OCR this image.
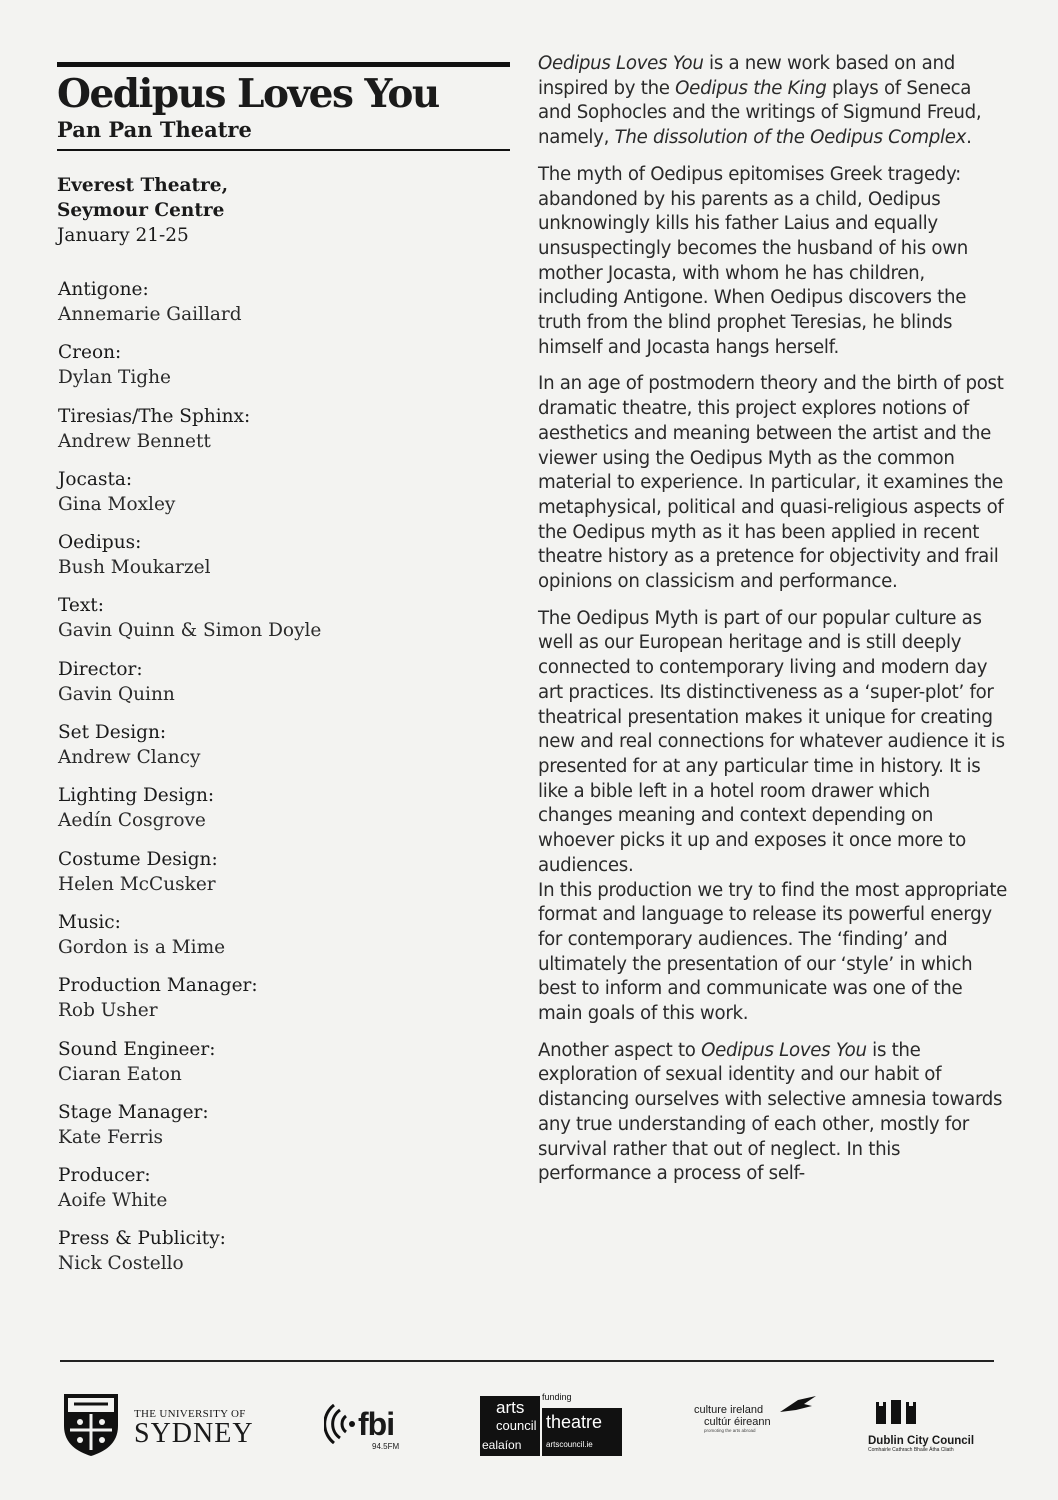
Oedipus Loves You
Pan Pan Theatre
Everest Theatre,
Seymour Centre
January 21-25
Antigone:
Annemarie Gaillard
Creon:
Dylan Tighe
Tiresias/The Sphinx:
Andrew Bennett
Jocasta:
Gina Moxley
Oedipus:
Bush Moukarzel
Text:
Gavin Quinn & Simon Doyle
Director:
Gavin Quinn
Set Design:
Andrew Clancy
Lighting Design:
Aedín Cosgrove
Costume Design:
Helen McCusker
Music:
Gordon is a Mime
Production Manager:
Rob Usher
Sound Engineer:
Ciaran Eaton
Stage Manager:
Kate Ferris
Producer:
Aoife White
Press & Publicity:
Nick Costello

Oedipus Loves You is a new work based on and inspired by the Oedipus the King plays of Seneca and Sophocles and the writings of Sigmund Freud, namely, The dissolution of the Oedipus Complex.

The myth of Oedipus epitomises Greek tragedy: abandoned by his parents as a child, Oedipus unknowingly kills his father Laius and equally unsuspectingly becomes the husband of his own mother Jocasta, with whom he has children, including Antigone. When Oedipus discovers the truth from the blind prophet Teresias, he blinds himself and Jocasta hangs herself.

In an age of postmodern theory and the birth of post dramatic theatre, this project explores notions of aesthetics and meaning between the artist and the viewer using the Oedipus Myth as the common material to experience. In particular, it examines the metaphysical, political and quasi-religious aspects of the Oedipus myth as it has been applied in recent theatre history as a pretence for objectivity and frail opinions on classicism and performance.

The Oedipus Myth is part of our popular culture as well as our European heritage and is still deeply connected to contemporary living and modern day art practices. Its distinctiveness as a ‘super-plot’ for theatrical presentation makes it unique for creating new and real connections for whatever audience it is presented for at any particular time in history. It is like a bible left in a hotel room drawer which changes meaning and context depending on whoever picks it up and exposes it once more to audiences.
In this production we try to find the most appropriate format and language to release its powerful energy for contemporary audiences. The ‘finding’ and ultimately the presentation of our ‘style’ in which best to inform and communicate was one of the main goals of this work.

Another aspect to Oedipus Loves You is the exploration of sexual identity and our habit of distancing ourselves with selective amnesia towards any true understanding of each other, mostly for survival rather that out of neglect. In this performance a process of self-

THE UNIVERSITY OF
SYDNEY	fbi
94.5FM
arts
council
ealaíon
funding
theatre
artscouncil.ie
culture ireland
cultúr éireann
promoting the arts abroad
Dublin City Council
Comhairle Cathrach Bhaile Átha Cliath
